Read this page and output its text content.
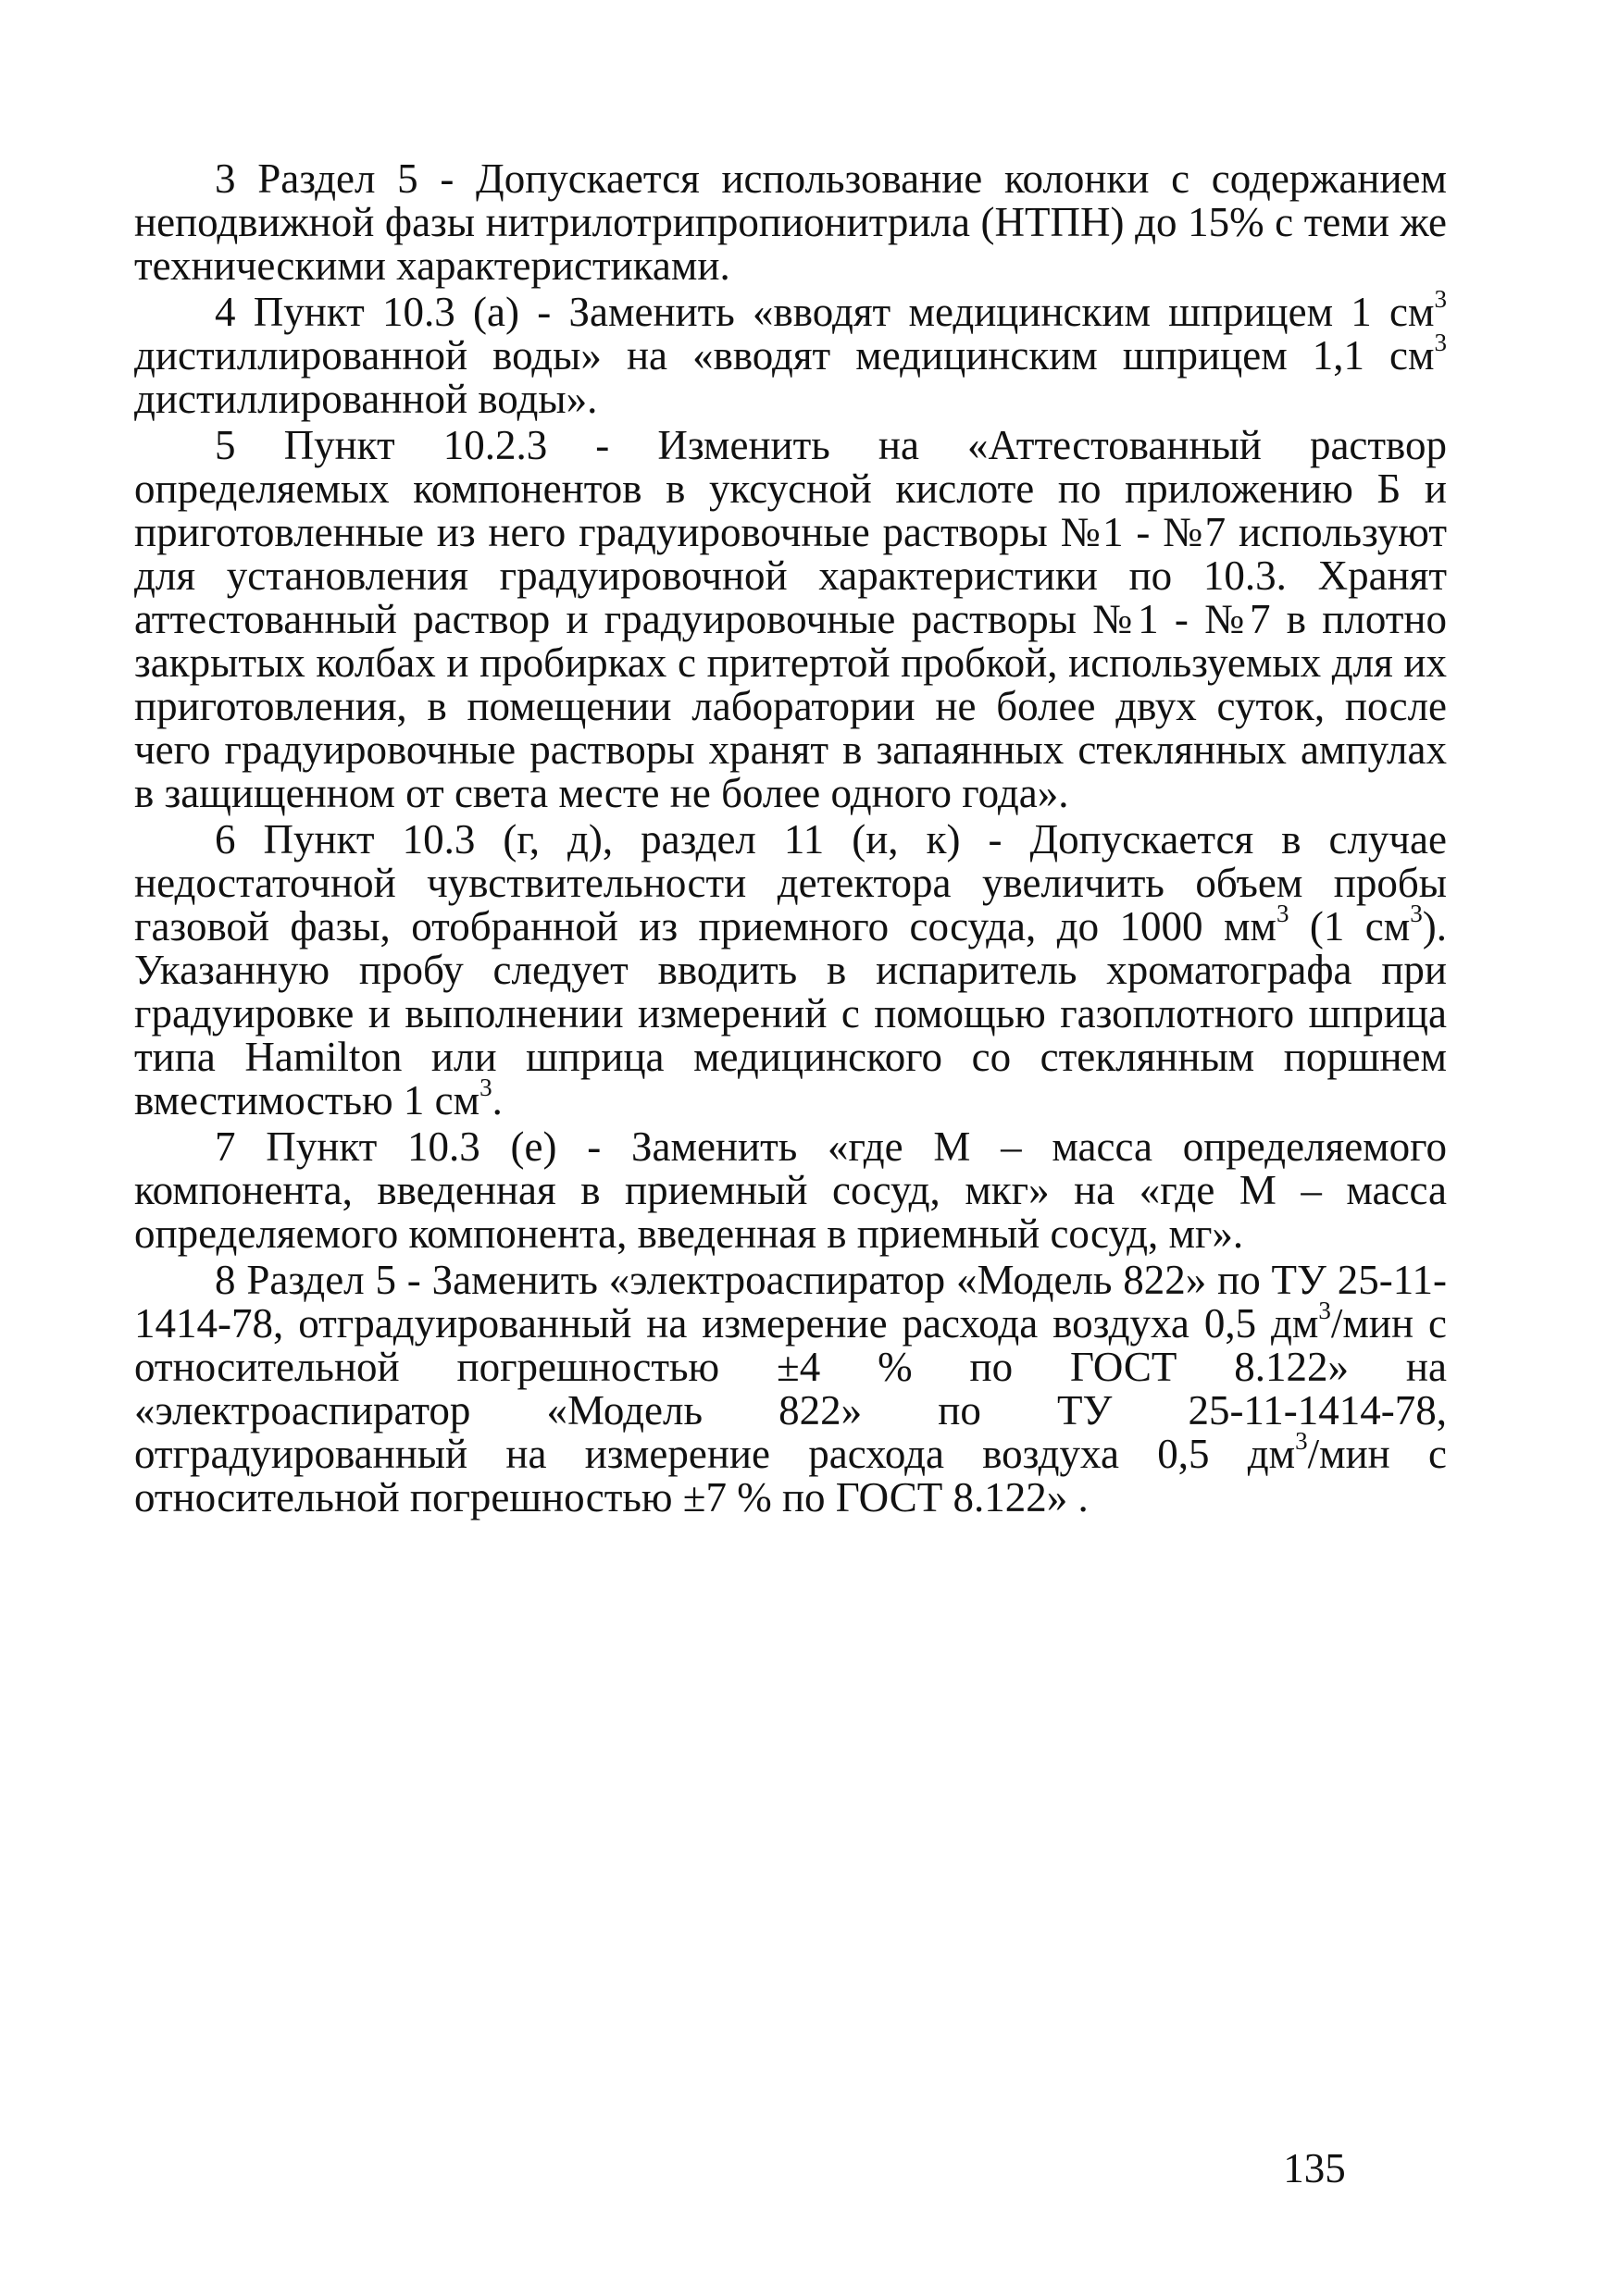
3 Раздел 5 - Допускается использование колонки с содержанием неподвижной фазы нитрилотрипропионитрила (НТПН) до 15% с теми же техническими характеристиками.

4 Пункт 10.3 (а) - Заменить «вводят медицинским шприцем 1 $см^3$ дистиллированной воды» на «вводят медицинским шприцем 1,1 $см^3$ дистиллированной воды».

5 Пункт 10.2.3 - Изменить на «Аттестованный раствор определяемых компонентов в уксусной кислоте по приложению Б и приготовленные из него градуировочные растворы №1 - №7 используют для установления градуировочной характеристики по 10.3. Хранят аттестованный раствор и градуировочные растворы №1 - №7 в плотно закрытых колбах и пробирках с притертой пробкой, используемых для их приготовления, в помещении лаборатории не более двух суток, после чего градуировочные растворы хранят в запаянных стеклянных ампулах в защищенном от света месте не более одного года».

6 Пункт 10.3 (г, д), раздел 11 (и, к) - Допускается в случае недостаточной чувствительности детектора увеличить объем пробы газовой фазы, отобранной из приемного сосуда, до 1000 $мм^3$ (1 $см^3$). Указанную пробу следует вводить в испаритель хроматографа при градуировке и выполнении измерений с помощью газоплотного шприца типа Hamilton или шприца медицинского со стеклянным поршнем вместимостью 1 $см^3$.

7 Пункт 10.3 (е) - Заменить «где М – масса определяемого компонента, введенная в приемный сосуд, мкг» на «где М – масса определяемого компонента, введенная в приемный сосуд, мг».

8 Раздел 5 - Заменить «электроаспиратор «Модель 822» по ТУ 25-11-1414-78, отградуированный на измерение расхода воздуха 0,5 $дм^3$/мин с относительной погрешностью ±4 % по ГОСТ 8.122» на «электроаспиратор «Модель 822» по ТУ 25-11-1414-78, отградуированный на измерение расхода воздуха 0,5 $дм^3$/мин с относительной погрешностью ±7 % по ГОСТ 8.122» .

135
